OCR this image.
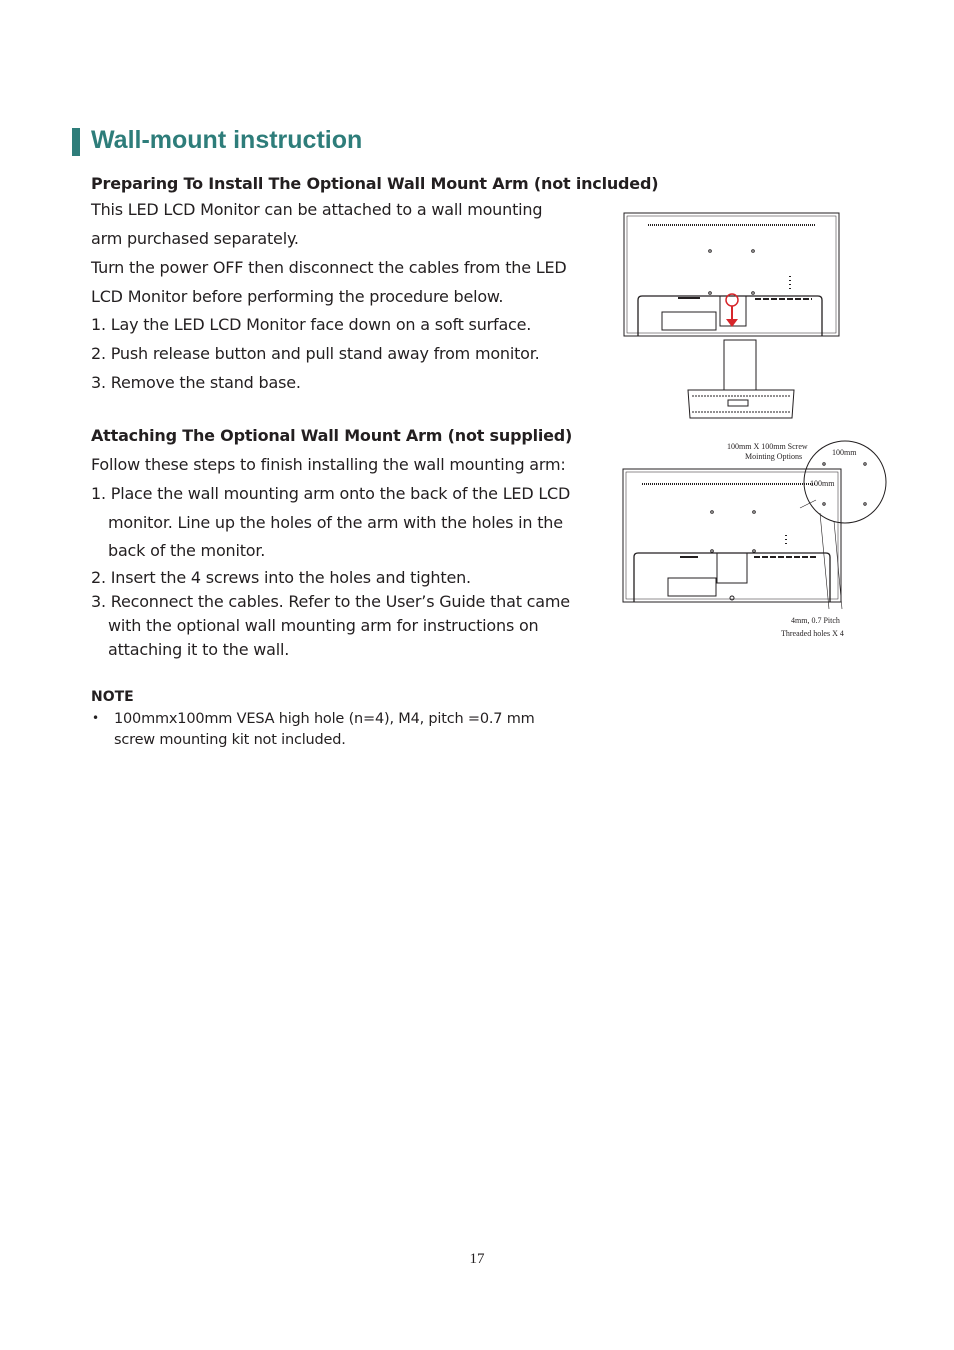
Wall-mount instruction
Preparing To Install The Optional Wall Mount Arm (not included)

This LED LCD Monitor can be attached to a wall mounting

arm purchased separately.

Turn the power OFF then disconnect the cables from the LED

LCD Monitor before performing the procedure below.

1. Lay the LED LCD Monitor face down on a soft surface.

2. Push release button and pull stand away from monitor.

3. Remove the stand base.

Attaching The Optional Wall Mount Arm (not supplied)

Follow these steps to finish installing the wall mounting arm:

1. Place the wall mounting arm onto the back of the LED LCD

monitor. Line up the holes of the arm with the holes in the

back of the monitor.

2. Insert the 4 screws into the holes and tighten.

3. Reconnect the cables. Refer to the User’s Guide that came

with the optional wall mounting arm for instructions on

attaching it to the wall.

NOTE
• 100mmx100mm VESA high hole (n=4), M4, pitch =0.7 mm

screw mounting kit not included.

100mm X 100mm Screw
Mointing Options	100mm
100mm
4mm, 0.7 Pitch
Threaded holes X 4
17
